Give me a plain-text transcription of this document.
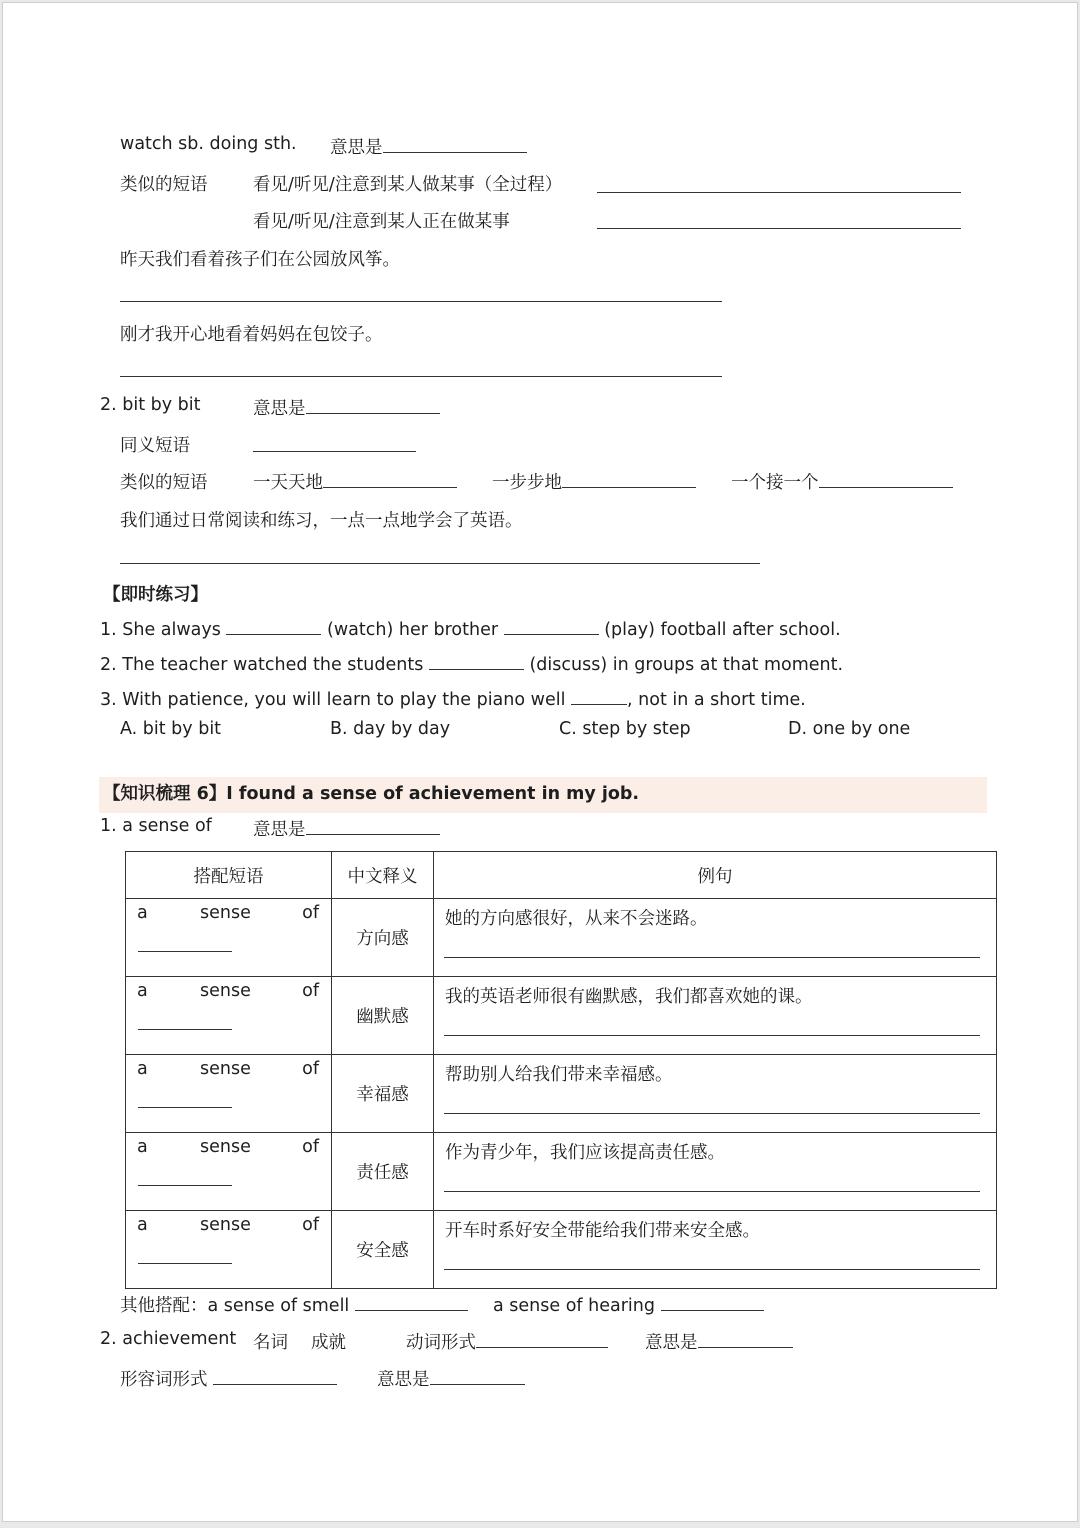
watch sb. doing sth. 意思是
类似的短语	看见/听见/注意到某人做某事（全过程）
看见/听见/注意到某人正在做某事
昨天我们看着孩子们在公园放风筝。
刚才我开心地看着妈妈在包饺子。
2. bit by bit	意思是
同义短语
类似的短语	一天天地	一步步地	一个接一个
我们通过日常阅读和练习，一点一点地学会了英语。
【即时练习】
1. She always	(watch) her brother	(play) football after school.
2. The teacher watched the students	(discuss) in groups at that moment.
3. With patience, you will learn to play the piano well	, not in a short time.
A. bit by bit	B. day by day	C. step by step	D. one by one
【知识梳理 6】I found a sense of achievement in my job.
1. a sense of 意思是
搭配短语	中文释义	例句

a sense of	方向感	她的方向感很好，从来不会迷路。

a sense of	幽默感	我的英语老师很有幽默感，我们都喜欢她的课。

a sense of	幸福感	帮助别人给我们带来幸福感。

a sense of	责任感	作为青少年，我们应该提高责任感。

a sense of	安全感	开车时系好安全带能给我们带来安全感。
其他搭配：a sense of smell	a sense of hearing
2. achievement 名词 成就	动词形式	意思是
形容词形式	意思是
